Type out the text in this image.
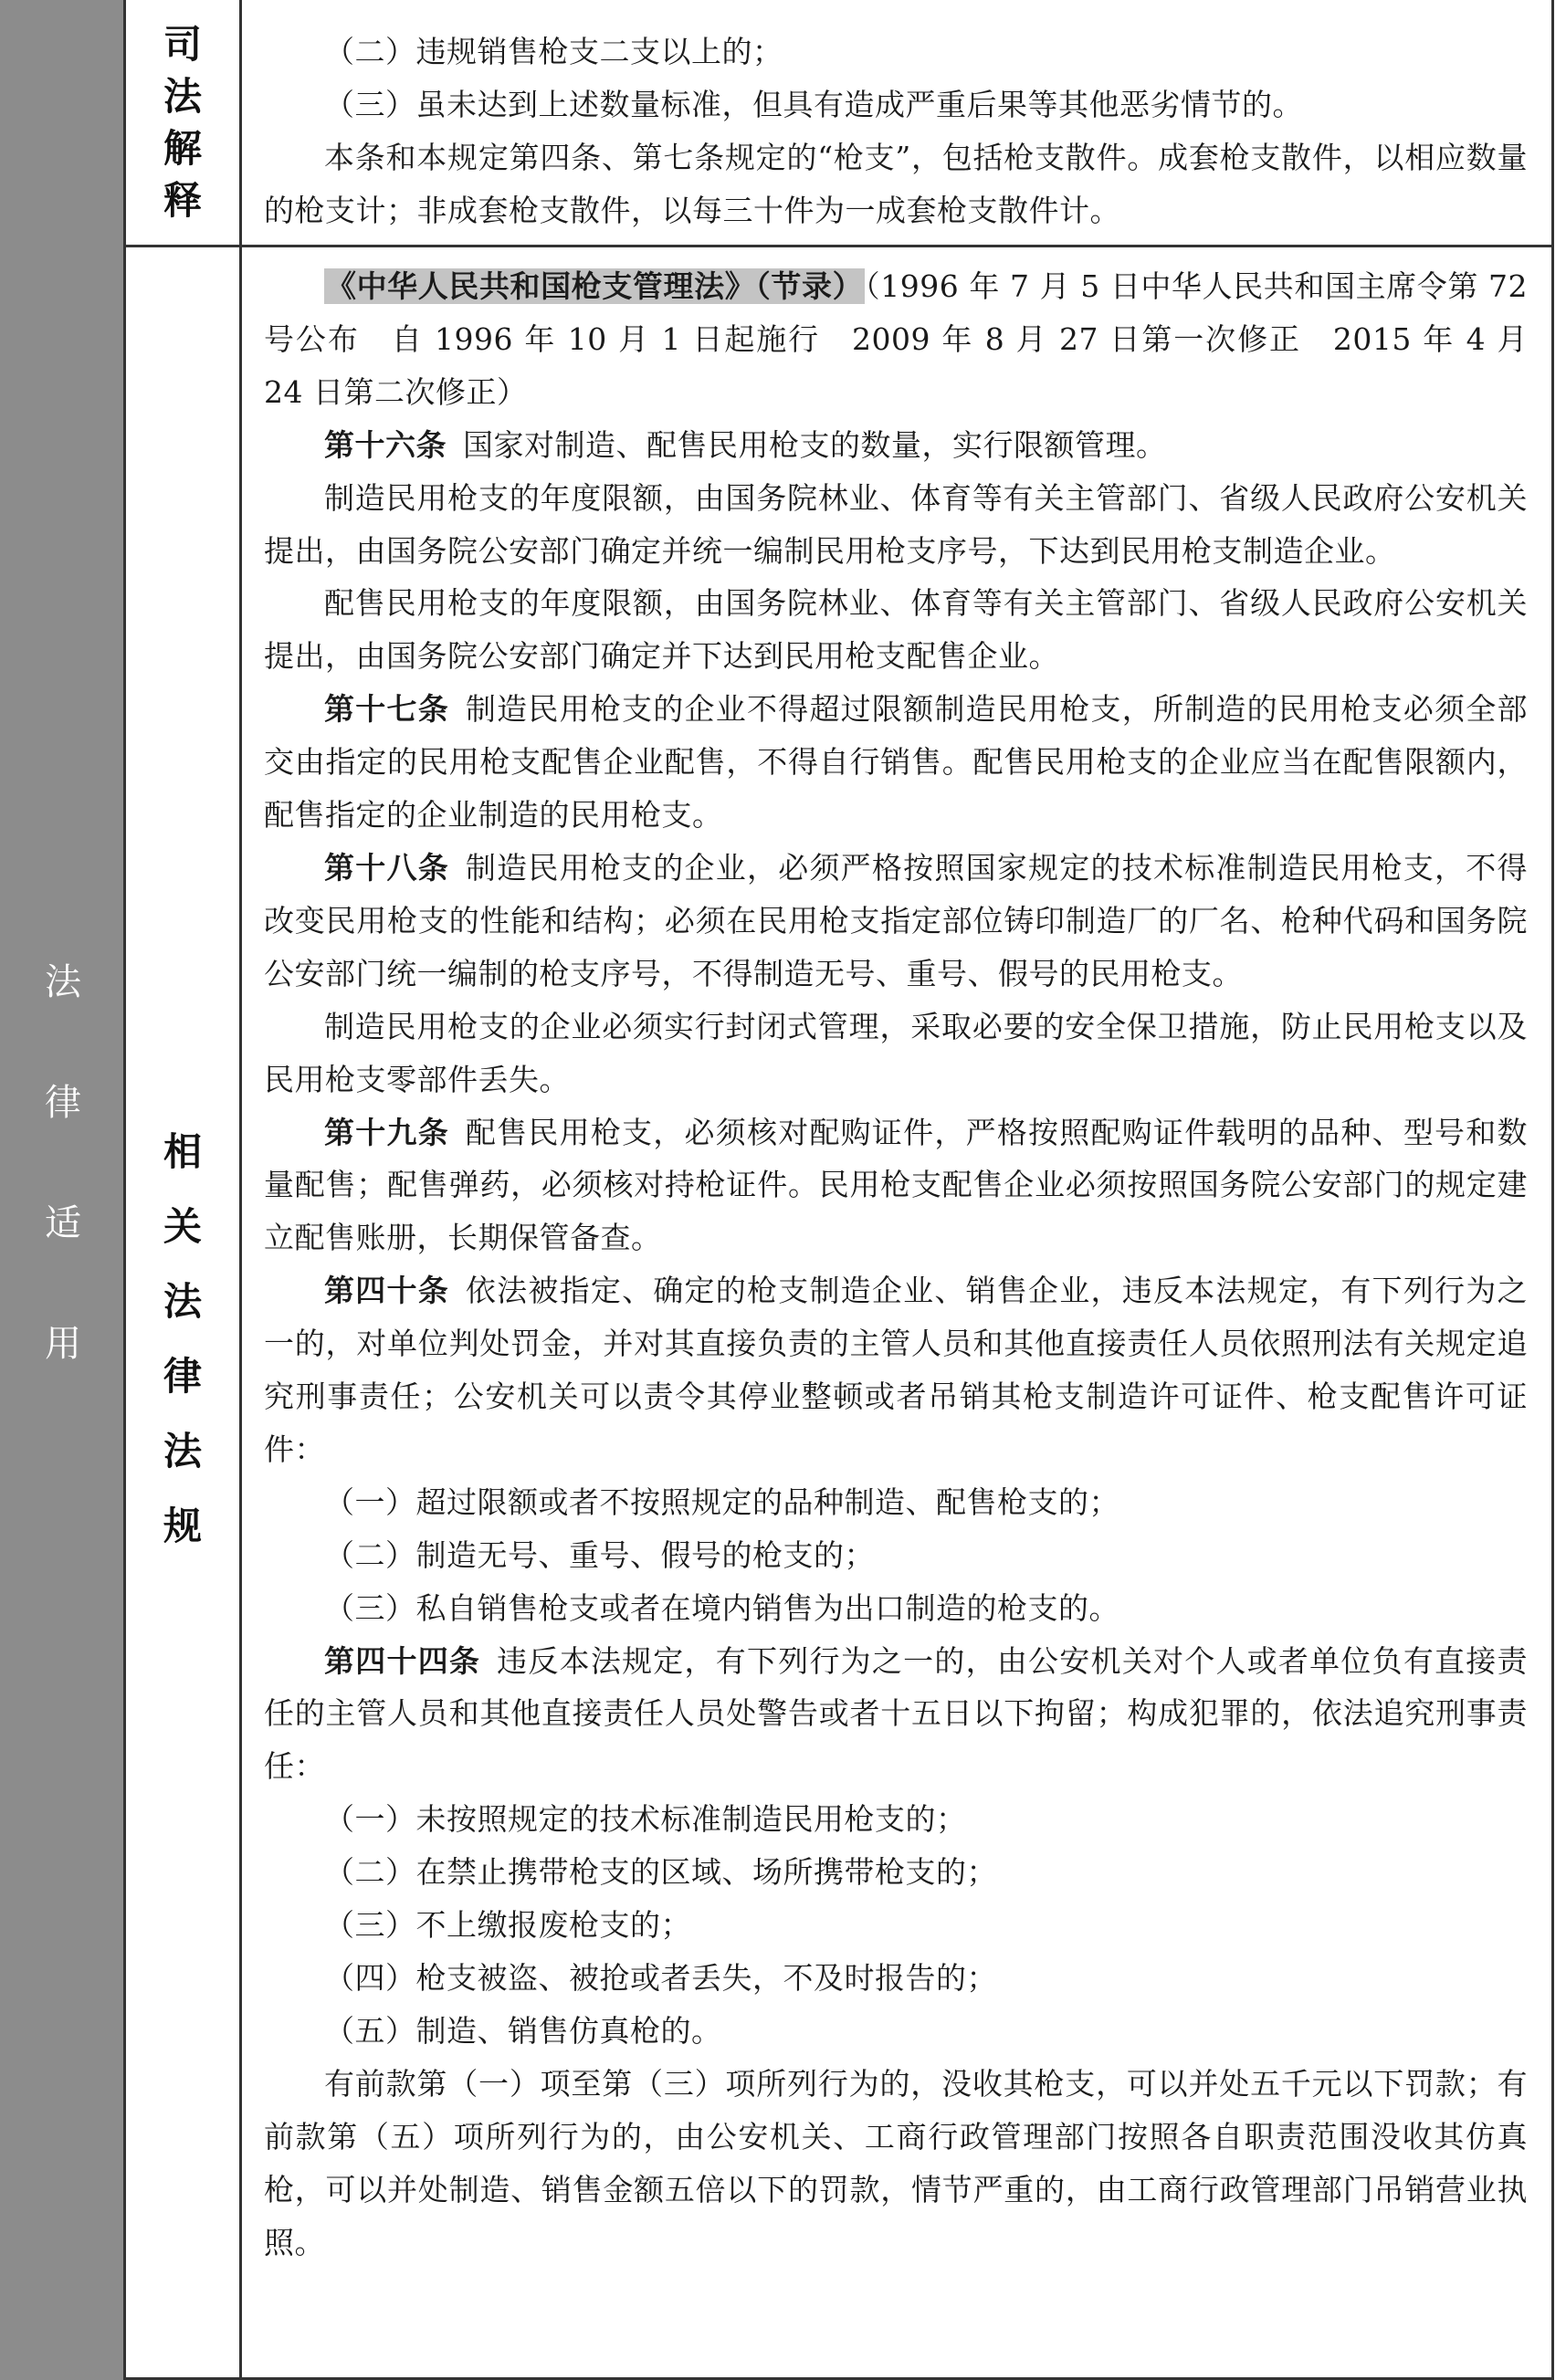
法
律
适
用
司
法
解
释

（二）违规销售枪支二支以上的；

（三）虽未达到上述数量标准，但具有造成严重后果等其他恶劣情节的。

本条和本规定第四条、第七条规定的“枪支”，包括枪支散件。成套枪支散件，以相应数量的枪支计；非成套枪支散件，以每三十件为一成套枪支散件计。

相
关
法
律
法
规

《中华人民共和国枪支管理法》（节录）（1996 年 7 月 5 日中华人民共和国主席令第 72 号公布　自 1996 年 10 月 1 日起施行　2009 年 8 月 27 日第一次修正　2015 年 4 月 24 日第二次修正）

第十六条 国家对制造、配售民用枪支的数量，实行限额管理。

制造民用枪支的年度限额，由国务院林业、体育等有关主管部门、省级人民政府公安机关提出，由国务院公安部门确定并统一编制民用枪支序号，下达到民用枪支制造企业。

配售民用枪支的年度限额，由国务院林业、体育等有关主管部门、省级人民政府公安机关提出，由国务院公安部门确定并下达到民用枪支配售企业。

第十七条 制造民用枪支的企业不得超过限额制造民用枪支，所制造的民用枪支必须全部交由指定的民用枪支配售企业配售，不得自行销售。配售民用枪支的企业应当在配售限额内，配售指定的企业制造的民用枪支。

第十八条 制造民用枪支的企业，必须严格按照国家规定的技术标准制造民用枪支，不得改变民用枪支的性能和结构；必须在民用枪支指定部位铸印制造厂的厂名、枪种代码和国务院公安部门统一编制的枪支序号，不得制造无号、重号、假号的民用枪支。

制造民用枪支的企业必须实行封闭式管理，采取必要的安全保卫措施，防止民用枪支以及民用枪支零部件丢失。

第十九条 配售民用枪支，必须核对配购证件，严格按照配购证件载明的品种、型号和数量配售；配售弹药，必须核对持枪证件。民用枪支配售企业必须按照国务院公安部门的规定建立配售账册，长期保管备查。

第四十条 依法被指定、确定的枪支制造企业、销售企业，违反本法规定，有下列行为之一的，对单位判处罚金，并对其直接负责的主管人员和其他直接责任人员依照刑法有关规定追究刑事责任；公安机关可以责令其停业整顿或者吊销其枪支制造许可证件、枪支配售许可证件：

（一）超过限额或者不按照规定的品种制造、配售枪支的；

（二）制造无号、重号、假号的枪支的；

（三）私自销售枪支或者在境内销售为出口制造的枪支的。

第四十四条 违反本法规定，有下列行为之一的，由公安机关对个人或者单位负有直接责任的主管人员和其他直接责任人员处警告或者十五日以下拘留；构成犯罪的，依法追究刑事责任：

（一）未按照规定的技术标准制造民用枪支的；

（二）在禁止携带枪支的区域、场所携带枪支的；

（三）不上缴报废枪支的；

（四）枪支被盗、被抢或者丢失，不及时报告的；

（五）制造、销售仿真枪的。

有前款第（一）项至第（三）项所列行为的，没收其枪支，可以并处五千元以下罚款；有前款第（五）项所列行为的，由公安机关、工商行政管理部门按照各自职责范围没收其仿真枪，可以并处制造、销售金额五倍以下的罚款，情节严重的，由工商行政管理部门吊销营业执照。
